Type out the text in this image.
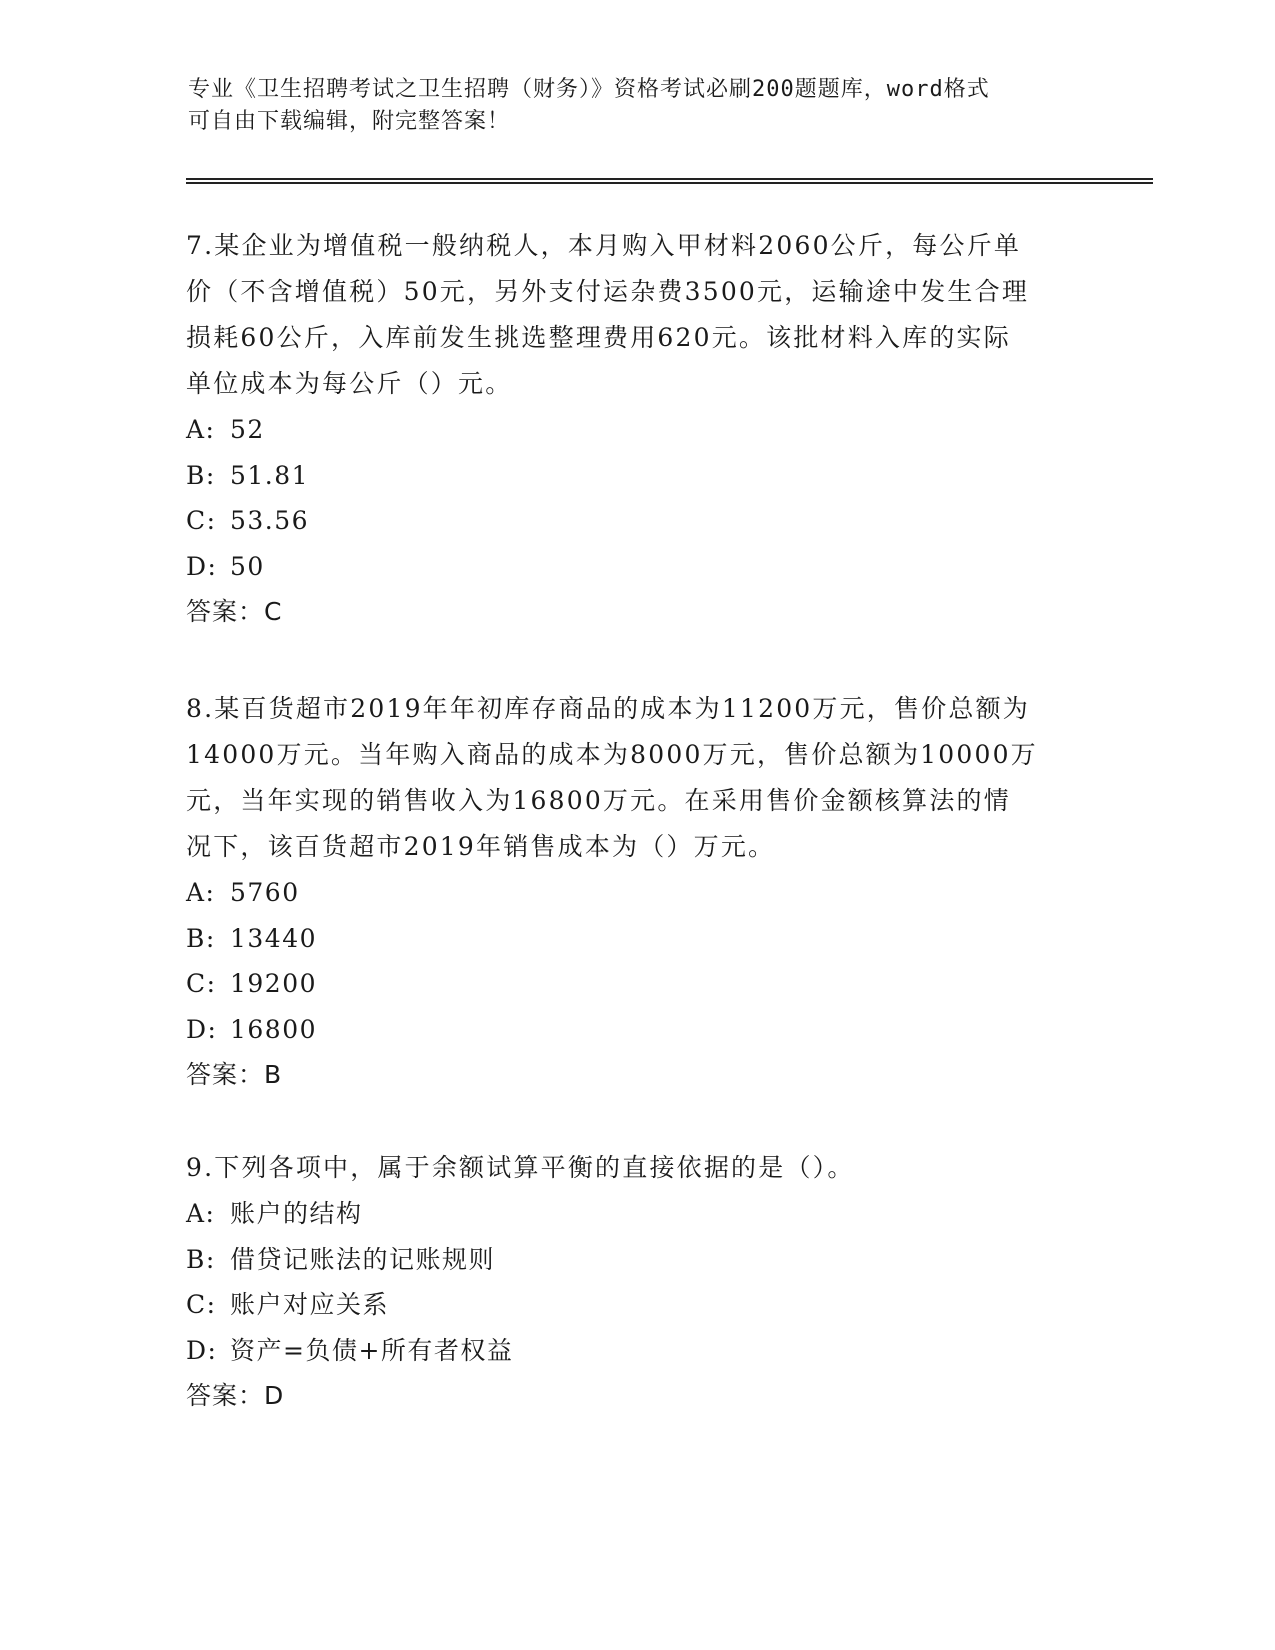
专业《卫生招聘考试之卫生招聘（财务）》资格考试必刷200题题库，word格式
可自由下载编辑，附完整答案！
7.某企业为增值税一般纳税人，本月购入甲材料2060公斤，每公斤单
价（不含增值税）50元，另外支付运杂费3500元，运输途中发生合理
损耗60公斤，入库前发生挑选整理费用620元。该批材料入库的实际
单位成本为每公斤（）元。
A: 52
B: 51.81
C: 53.56
D: 50
答案：C
8.某百货超市2019年年初库存商品的成本为11200万元，售价总额为
14000万元。当年购入商品的成本为8000万元，售价总额为10000万
元，当年实现的销售收入为16800万元。在采用售价金额核算法的情
况下，该百货超市2019年销售成本为（）万元。
A: 5760
B: 13440
C: 19200
D: 16800
答案：B
9.下列各项中，属于余额试算平衡的直接依据的是（）。
A: 账户的结构
B: 借贷记账法的记账规则
C: 账户对应关系
D: 资产=负债+所有者权益
答案：D
